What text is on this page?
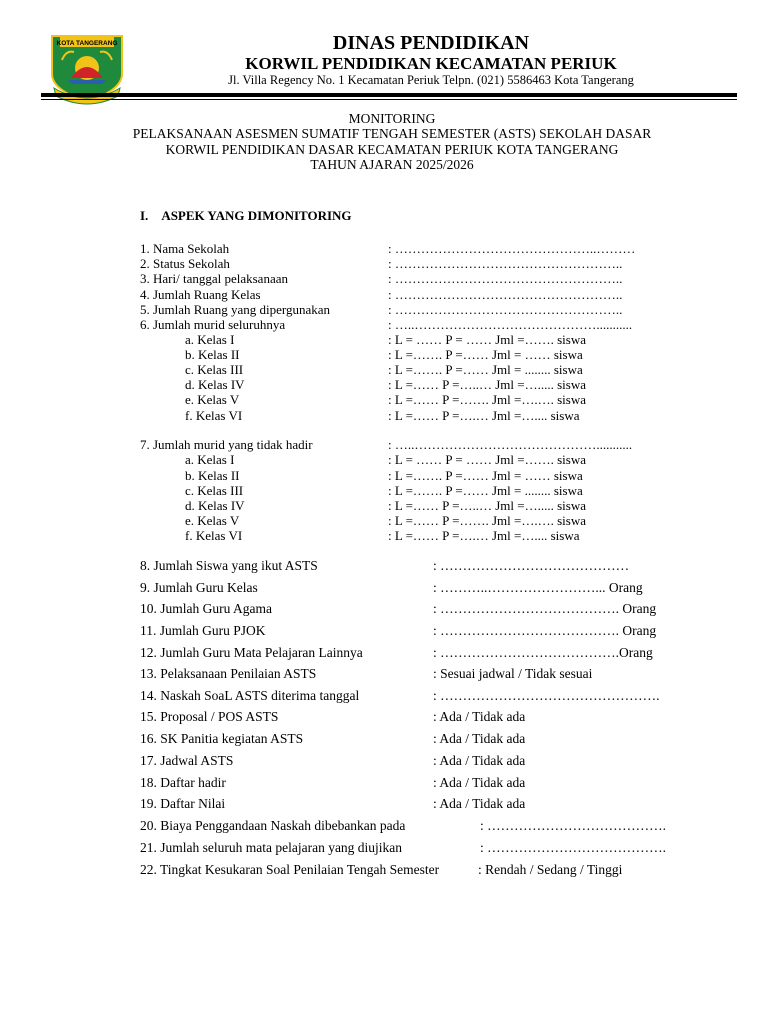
KOTA TANGERANG	DINAS PENDIDIKAN
KORWIL PENDIDIKAN KECAMATAN PERIUK
Jl. Villa Regency No. 1 Kecamatan Periuk Telpn. (021) 5586463 Kota Tangerang
MONITORING
PELAKSANAAN ASESMEN SUMATIF TENGAH SEMESTER (ASTS) SEKOLAH DASAR
KORWIL PENDIDIKAN DASAR KECAMATAN PERIUK KOTA TANGERANG
TAHUN AJARAN 2025/2026
I. ASPEK YANG DIMONITORING
1. Nama Sekolah	: ………………………………………..………
2. Status Sekolah	: ……………………………………………..
3. Hari/ tanggal pelaksanaan	: ……………………………………………..
4. Jumlah Ruang Kelas	: ……………………………………………..
5. Jumlah Ruang yang dipergunakan	: ……………………………………………..
6. Jumlah murid seluruhnya	: …..……………………………………...........
a. Kelas I	: L = …… P = …… Jml =……. siswa
b. Kelas II	: L =……. P =…… Jml = …… siswa
c. Kelas III	: L =……. P =…… Jml = ........ siswa
d. Kelas IV	: L =…… P =…..… Jml =…..... siswa
e. Kelas V	: L =…… P =……. Jml =….…. siswa
f. Kelas VI	: L =…… P =….… Jml =….... siswa
7. Jumlah murid yang tidak hadir	: …..……………………………………...........
a. Kelas I	: L = …… P = …… Jml =……. siswa
b. Kelas II	: L =……. P =…… Jml = …… siswa
c. Kelas III	: L =……. P =…… Jml = ........ siswa
d. Kelas IV	: L =…… P =…..… Jml =…..... siswa
e. Kelas V	: L =…… P =……. Jml =….…. siswa
f. Kelas VI	: L =…… P =….… Jml =….... siswa
8. Jumlah Siswa yang ikut ASTS	: ……………………………………
9. Jumlah Guru Kelas	: ………..……………………... Orang
10. Jumlah Guru Agama	: …………………………………. Orang
11. Jumlah Guru PJOK	: …………………………………. Orang
12. Jumlah Guru Mata Pelajaran Lainnya	: ………………………………….Orang
13. Pelaksanaan Penilaian ASTS	: Sesuai jadwal / Tidak sesuai
14. Naskah SoaL ASTS diterima tanggal	: ………………………………………….
15. Proposal / POS ASTS	: Ada / Tidak ada
16. SK Panitia kegiatan ASTS	: Ada / Tidak ada
17. Jadwal ASTS	: Ada / Tidak ada
18. Daftar hadir	: Ada / Tidak ada
19. Daftar Nilai	: Ada / Tidak ada
20. Biaya Penggandaan Naskah dibebankan pada	: ………………………………….
21. Jumlah seluruh mata pelajaran yang diujikan	: ………………………………….
22. Tingkat Kesukaran Soal Penilaian Tengah Semester	: Rendah / Sedang / Tinggi
